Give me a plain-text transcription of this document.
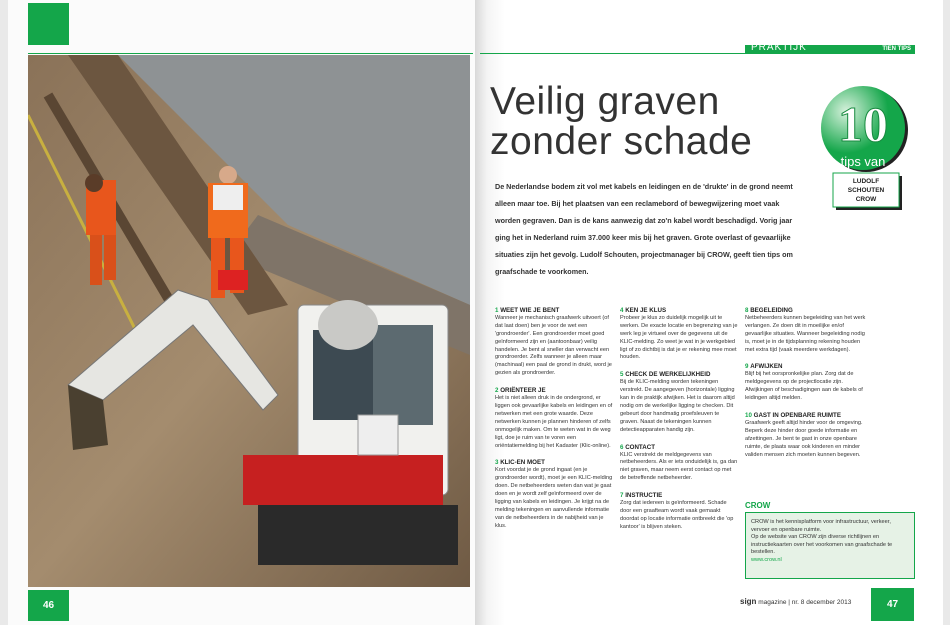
46
PRAKTIJK	TIEN TIPS
Veilig graven
zonder schade 10
tips van
LUDOLF
SCHOUTEN
CROW
De Nederlandse bodem zit vol met kabels en leidingen en de 'drukte' in de grond neemt alleen maar toe. Bij het plaatsen van een reclamebord of bewegwijzering moet vaak worden gegraven. Dan is de kans aanwezig dat zo'n kabel wordt beschadigd. Vorig jaar ging het in Nederland ruim 37.000 keer mis bij het graven. Grote overlast of gevaarlijke situaties zijn het gevolg. Ludolf Schouten, projectmanager bij CROW, geeft tien tips om graafschade te voorkomen.
1 WEET WIE JE BENT

Wanneer je mechanisch graafwerk uitvoert (of dat laat doen) ben je voor de wet een 'grondroerder'. Een grondroerder moet goed geïnformeerd zijn en (aantoonbaar) veilig handelen. Je bent al sneller dan verwacht een grondroerder. Zelfs wanneer je alleen maar (machinaal) een paal de grond in drukt, word je gezien als grondroerder.

2 ORIËNTEER JE

Het is niet alleen druk in de ondergrond, er liggen ook gevaarlijke kabels en leidingen en of netwerken met een grote waarde. Deze netwerken kunnen je plannen hinderen of zelfs onmogelijk maken. Om te weten wat in de weg ligt, doe je ruim van te voren een oriëntatiemelding bij het Kadaster (Klic-online).

3 KLIC-EN MOET

Kort voordat je de grond ingaat (en je grondroerder wordt), moet je een KLIC-melding doen. De netbeheerders weten dan wat je gaat doen en je wordt zelf geïnformeerd over de ligging van kabels en leidingen. Je krijgt na de melding tekeningen en aanvullende informatie van de netbeheerders in de nabijheid van je klus.

4 KEN JE KLUS

Probeer je klus zo duidelijk mogelijk uit te werken. De exacte locatie en begrenzing van je werk leg je virtueel over de gegevens uit de KLIC-melding. Zo weet je wat in je werkgebied ligt of zo dichtbij is dat je er rekening mee moet houden.

5 CHECK DE WERKELIJKHEID

Bij de KLIC-melding worden tekeningen verstrekt. De aangegeven (horizontale) ligging kan in de praktijk afwijken. Het is daarom altijd nodig om de werkelijke ligging te checken. Dit gebeurt door handmatig proefsleuven te graven. Naast de tekeningen kunnen detectieapparaten handig zijn.

6 CONTACT

KLIC verstrekt de meldgegevens van netbeheerders. Als er iets onduidelijk is, ga dan niet graven, maar neem eerst contact op met de betreffende netbeheerder.

7 INSTRUCTIE

Zorg dat iedereen is geïnformeerd. Schade door een graafteam wordt vaak gemaakt doordat op locatie informatie ontbreekt die 'op kantoor' is blijven steken.

8 BEGELEIDING

Netbeheerders kunnen begeleiding van het werk verlangen. Ze doen dit in moeilijke en/of gevaarlijke situaties. Wanneer begeleiding nodig is, moet je in de tijdsplanning rekening houden met extra tijd (vaak meerdere werkdagen).

9 AFWIJKEN

Blijf bij het oorspronkelijke plan. Zorg dat de meldgegevens op de projectlocatie zijn. Afwijkingen of beschadigingen aan de kabels of leidingen altijd melden.

10 GAST IN OPENBARE RUIMTE

Graafwerk geeft altijd hinder voor de omgeving. Beperk deze hinder door goede informatie en afzettingen. Je bent te gast in onze openbare ruimte, de plaats waar ook kinderen en minder validen mensen zich moeten kunnen begeven.

CROW
CROW is het kennisplatform voor infrastructuur, verkeer, vervoer en openbare ruimte.
Op de website van CROW zijn diverse richtlijnen en instructiekaarten over het voorkomen van graafschade te bestellen.
www.crow.nl
sign magazine | nr. 8 december 2013	47
